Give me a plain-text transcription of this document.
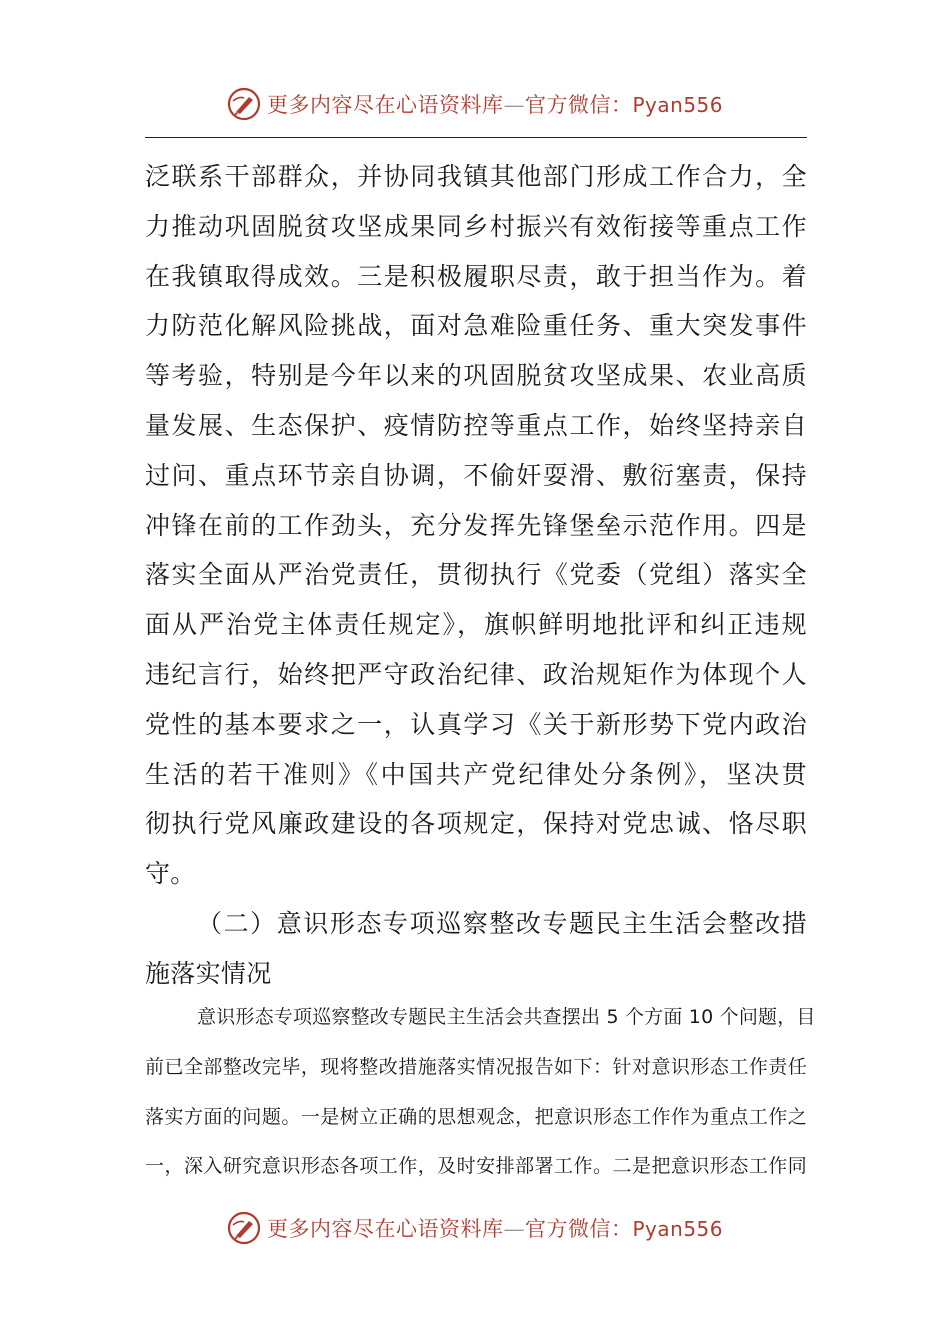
更多内容尽在心语资料库—官方微信：Pyan556
泛联系干部群众，并协同我镇其他部门形成工作合力，全
力推动巩固脱贫攻坚成果同乡村振兴有效衔接等重点工作
在我镇取得成效。三是积极履职尽责，敢于担当作为。着
力防范化解风险挑战，面对急难险重任务、重大突发事件
等考验，特别是今年以来的巩固脱贫攻坚成果、农业高质
量发展、生态保护、疫情防控等重点工作，始终坚持亲自
过问、重点环节亲自协调，不偷奸耍滑、敷衍塞责，保持
冲锋在前的工作劲头，充分发挥先锋堡垒示范作用。四是
落实全面从严治党责任，贯彻执行《党委（党组）落实全
面从严治党主体责任规定》，旗帜鲜明地批评和纠正违规
违纪言行，始终把严守政治纪律、政治规矩作为体现个人
党性的基本要求之一，认真学习《关于新形势下党内政治
生活的若干准则》《中国共产党纪律处分条例》，坚决贯
彻执行党风廉政建设的各项规定，保持对党忠诚、恪尽职
守。
（二）意识形态专项巡察整改专题民主生活会整改措
施落实情况
意识形态专项巡察整改专题民主生活会共查摆出 5 个方面 10 个问题，目
前已全部整改完毕，现将整改措施落实情况报告如下：针对意识形态工作责任
落实方面的问题。一是树立正确的思想观念，把意识形态工作作为重点工作之
一，深入研究意识形态各项工作，及时安排部署工作。二是把意识形态工作同
更多内容尽在心语资料库—官方微信：Pyan556
